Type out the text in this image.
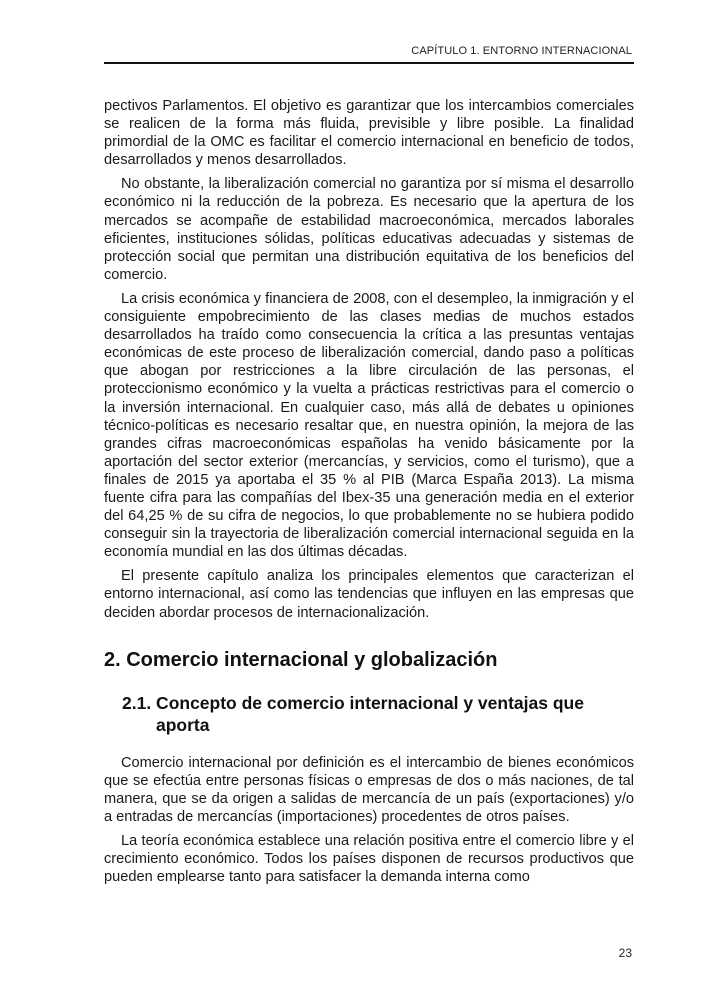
CAPÍTULO 1. ENTORNO INTERNACIONAL

pectivos Parlamentos. El objetivo es garantizar que los intercambios comerciales se realicen de la forma más fluida, previsible y libre posible. La finalidad primordial de la OMC es facilitar el comercio internacional en beneficio de todos, desarrollados y menos desarrollados.

No obstante, la liberalización comercial no garantiza por sí misma el desarrollo económico ni la reducción de la pobreza. Es necesario que la apertura de los mercados se acompañe de estabilidad macroeconómica, mercados laborales eficientes, instituciones sólidas, políticas educativas adecuadas y sistemas de protección social que permitan una distribución equitativa de los beneficios del comercio.

La crisis económica y financiera de 2008, con el desempleo, la inmigración y el consiguiente empobrecimiento de las clases medias de muchos estados desarrollados ha traído como consecuencia la crítica a las presuntas ventajas económicas de este proceso de liberalización comercial, dando paso a políticas que abogan por restricciones a la libre circulación de las personas, el proteccionismo económico y la vuelta a prácticas restrictivas para el comercio o la inversión internacional. En cualquier caso, más allá de debates u opiniones técnico-políticas es necesario resaltar que, en nuestra opinión, la mejora de las grandes cifras macroeconómicas españolas ha venido básicamente por la aportación del sector exterior (mercancías, y servicios, como el turismo), que a finales de 2015 ya aportaba el 35 % al PIB (Marca España 2013). La misma fuente cifra para las compañías del Ibex-35 una generación media en el exterior del 64,25 % de su cifra de negocios, lo que probablemente no se hubiera podido conseguir sin la trayectoria de liberalización comercial internacional seguida en la economía mundial en las dos últimas décadas.

El presente capítulo analiza los principales elementos que caracterizan el entorno internacional, así como las tendencias que influyen en las empresas que deciden abordar procesos de internacionalización.

2. Comercio internacional y globalización
2.1. Concepto de comercio internacional y ventajas que aporta

Comercio internacional por definición es el intercambio de bienes económicos que se efectúa entre personas físicas o empresas de dos o más naciones, de tal manera, que se da origen a salidas de mercancía de un país (exportaciones) y/o a entradas de mercancías (importaciones) procedentes de otros países.

La teoría económica establece una relación positiva entre el comercio libre y el crecimiento económico. Todos los países disponen de recursos productivos que pueden emplearse tanto para satisfacer la demanda interna como

23
